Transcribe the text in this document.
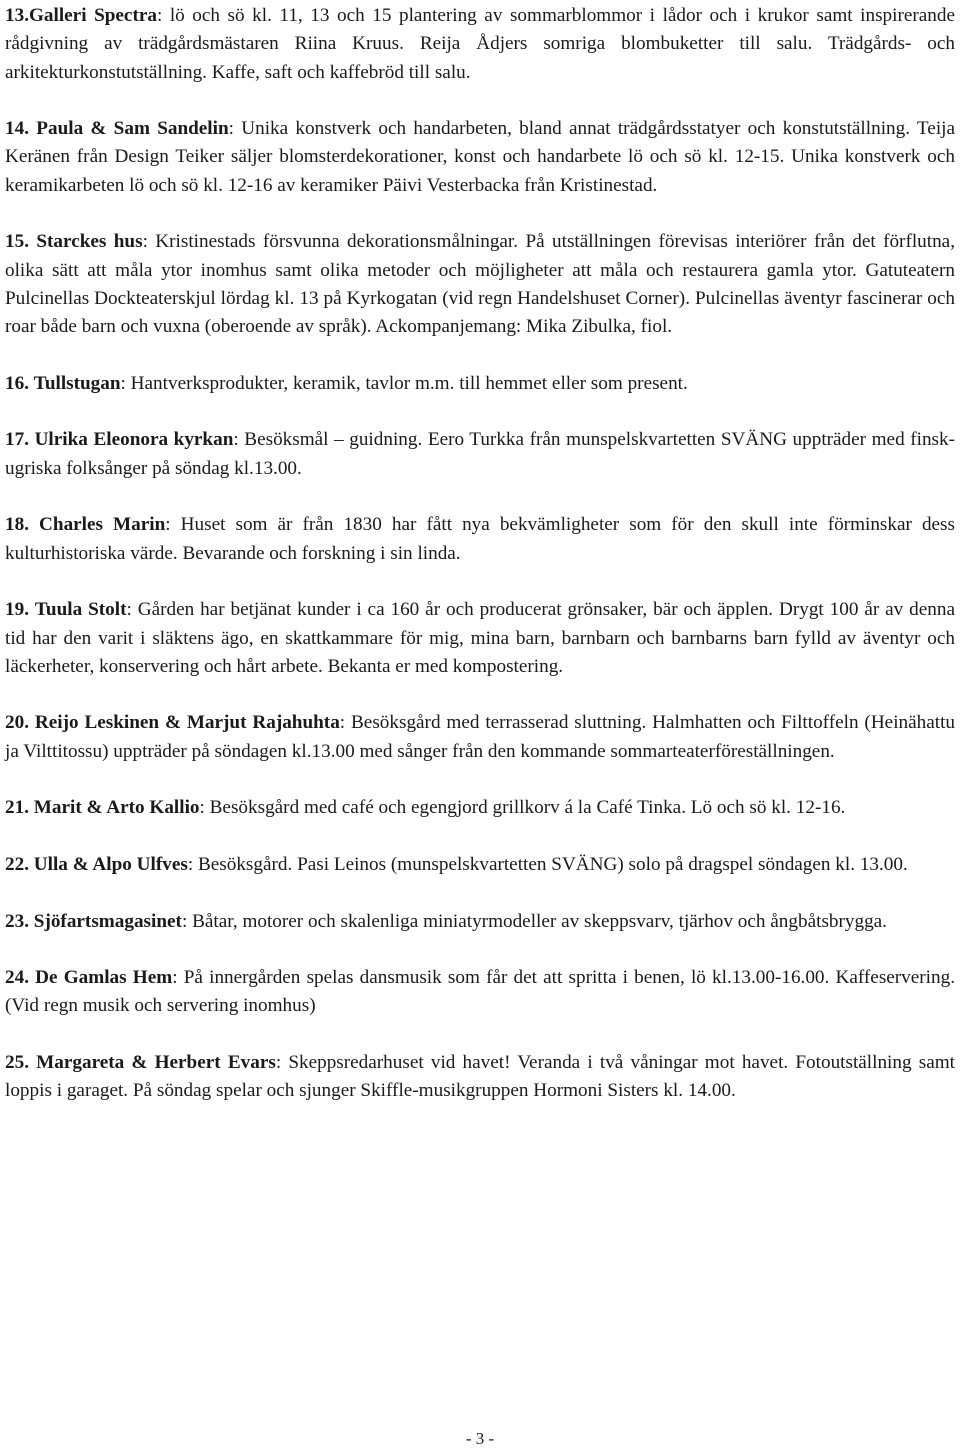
13.Galleri Spectra: lö och sö kl. 11, 13 och 15 plantering av sommarblommor i lådor och i krukor samt inspirerande rådgivning av trädgårdsmästaren Riina Kruus. Reija Ådjers somriga blombuketter till salu. Trädgårds- och arkitekturkonstutställning. Kaffe, saft och kaffebröd till salu.

14. Paula & Sam Sandelin: Unika konstverk och handarbeten, bland annat trädgårdsstatyer och konstutställning. Teija Keränen från Design Teiker säljer blomsterdekorationer, konst och handarbete lö och sö kl. 12-15. Unika konstverk och keramikarbeten lö och sö kl. 12-16 av keramiker Päivi Vesterbacka från Kristinestad.

15. Starckes hus: Kristinestads försvunna dekorationsmålningar. På utställningen förevisas interiörer från det förflutna, olika sätt att måla ytor inomhus samt olika metoder och möjligheter att måla och restaurera gamla ytor. Gatuteatern Pulcinellas Dockteaterskjul lördag kl. 13 på Kyrkogatan (vid regn Handelshuset Corner). Pulcinellas äventyr fascinerar och roar både barn och vuxna (oberoende av språk). Ackompanjemang: Mika Zibulka, fiol.

16. Tullstugan: Hantverksprodukter, keramik, tavlor m.m. till hemmet eller som present.

17. Ulrika Eleonora kyrkan: Besöksmål – guidning. Eero Turkka från munspelskvartetten SVÄNG uppträder med finsk-ugriska folksånger på söndag kl.13.00.

18. Charles Marin: Huset som är från 1830 har fått nya bekvämligheter som för den skull inte förminskar dess kulturhistoriska värde. Bevarande och forskning i sin linda.

19. Tuula Stolt: Gården har betjänat kunder i ca 160 år och producerat grönsaker, bär och äpplen. Drygt 100 år av denna tid har den varit i släktens ägo, en skattkammare för mig, mina barn, barnbarn och barnbarns barn fylld av äventyr och läckerheter, konservering och hårt arbete. Bekanta er med kompostering.

20. Reijo Leskinen & Marjut Rajahuhta: Besöksgård med terrasserad sluttning. Halmhatten och Filttoffeln (Heinähattu ja Vilttitossu) uppträder på söndagen kl.13.00 med sånger från den kommande sommarteaterföreställningen.

21. Marit & Arto Kallio: Besöksgård med café och egengjord grillkorv á la Café Tinka. Lö och sö kl. 12-16.

22. Ulla & Alpo Ulfves: Besöksgård. Pasi Leinos (munspelskvartetten SVÄNG) solo på dragspel söndagen kl. 13.00.

23. Sjöfartsmagasinet: Båtar, motorer och skalenliga miniatyrmodeller av skeppsvarv, tjärhov och ångbåtsbrygga.

24. De Gamlas Hem: På innergården spelas dansmusik som får det att spritta i benen, lö kl.13.00-16.00. Kaffeservering. (Vid regn musik och servering inomhus)

25. Margareta & Herbert Evars: Skeppsredarhuset vid havet! Veranda i två våningar mot havet. Fotoutställning samt loppis i garaget. På söndag spelar och sjunger Skiffle-musikgruppen Hormoni Sisters kl. 14.00.

- 3 -
